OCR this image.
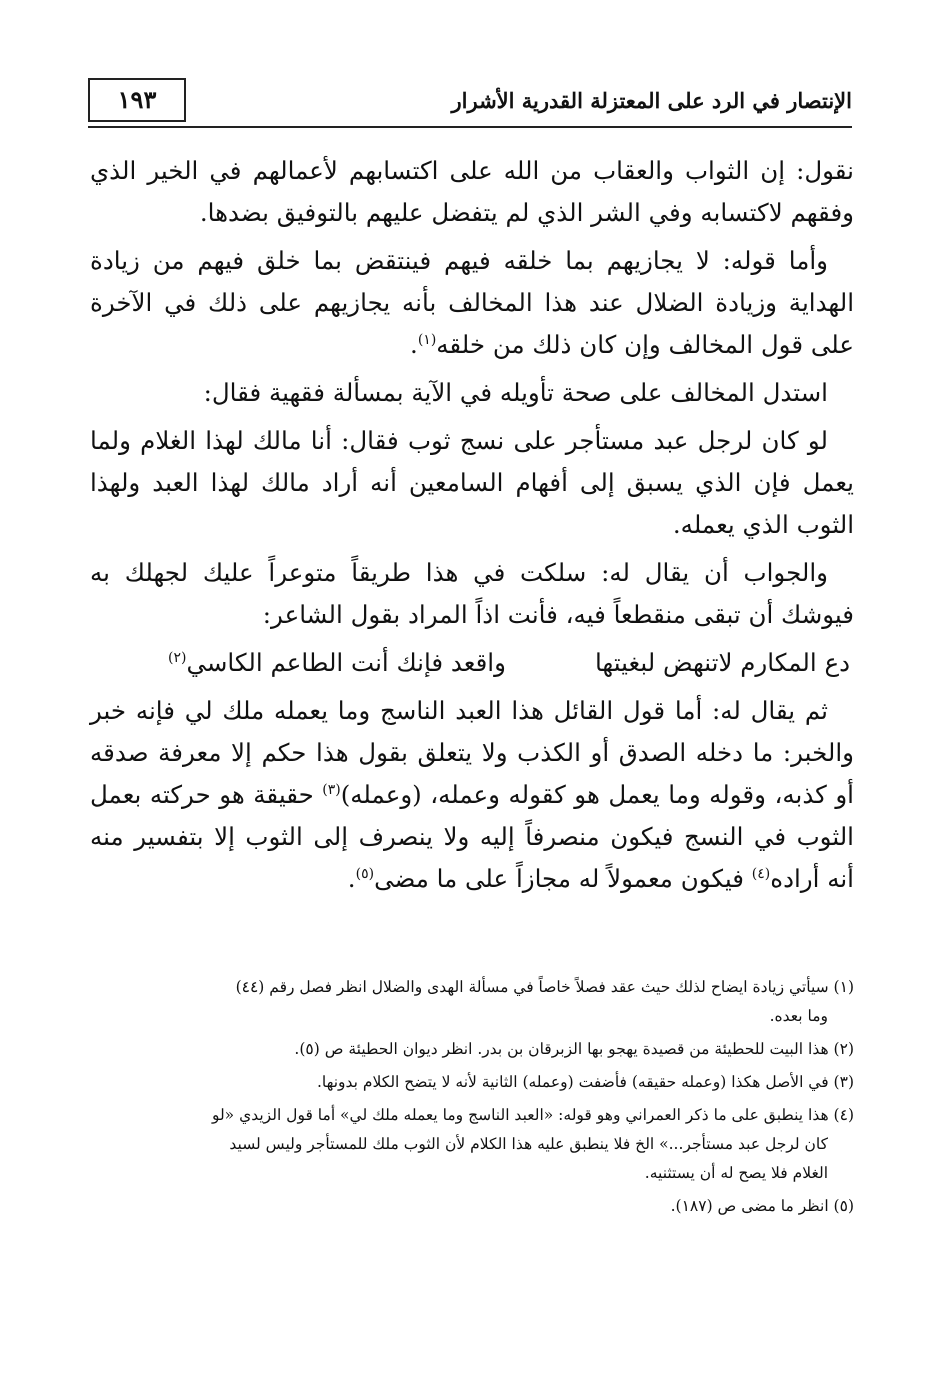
١٩٣	الإنتصار في الرد على المعتزلة القدرية الأشرار

نقول: إن الثواب والعقاب من الله على اكتسابهم لأعمالهم في الخير الذي وفقهم لاكتسابه وفي الشر الذي لم يتفضل عليهم بالتوفيق بضدها.

وأما قوله: لا يجازيهم بما خلقه فيهم فينتقض بما خلق فيهم من زيادة الهداية وزيادة الضلال عند هذا المخالف بأنه يجازيهم على ذلك في الآخرة على قول المخالف وإن كان ذلك من خلقه$^{(١)}$.

استدل المخالف على صحة تأويله في الآية بمسألة فقهية فقال:

لو كان لرجل عبد مستأجر على نسج ثوب فقال: أنا مالك لهذا الغلام ولما يعمل فإن الذي يسبق إلى أفهام السامعين أنه أراد مالك لهذا العبد ولهذا الثوب الذي يعمله.

والجواب أن يقال له: سلكت في هذا طريقاً متوعراً عليك لجهلك به فيوشك أن تبقى منقطعاً فيه، فأنت اذاً المراد بقول الشاعر:

دع المكارم لاتنهض لبغيتها
واقعد فإنك أنت الطاعم الكاسي$^{(٢)}$

ثم يقال له: أما قول القائل هذا العبد الناسج وما يعمله ملك لي فإنه خبر والخبر: ما دخله الصدق أو الكذب ولا يتعلق بقول هذا حكم إلا معرفة صدقه أو كذبه، وقوله وما يعمل هو كقوله وعمله، (وعمله)$^{(٣)}$ حقيقة هو حركته بعمل الثوب في النسج فيكون منصرفاً إليه ولا ينصرف إلى الثوب إلا بتفسير منه أنه أراده$^{(٤)}$ فيكون معمولاً له مجازاً على ما مضى$^{(٥)}$.

(١) سيأتي زيادة ايضاح لذلك حيث عقد فصلاً خاصاً في مسألة الهدى والضلال انظر فصل رقم (٤٤)
وما بعده.
(٢) هذا البيت للحطيئة من قصيدة يهجو بها الزبرقان بن بدر. انظر ديوان الحطيئة ص (٥).
(٣) في الأصل هكذا (وعمله حقيقه) فأضفت (وعمله) الثانية لأنه لا يتضح الكلام بدونها.
(٤) هذا ينطبق على ما ذكر العمراني وهو قوله: «العبد الناسج وما يعمله ملك لي» أما قول الزيدي «لو
كان لرجل عبد مستأجر...» الخ فلا ينطبق عليه هذا الكلام لأن الثوب ملك للمستأجر وليس لسيد
الغلام فلا يصح له أن يستثنيه.
(٥) انظر ما مضى ص (١٨٧).
